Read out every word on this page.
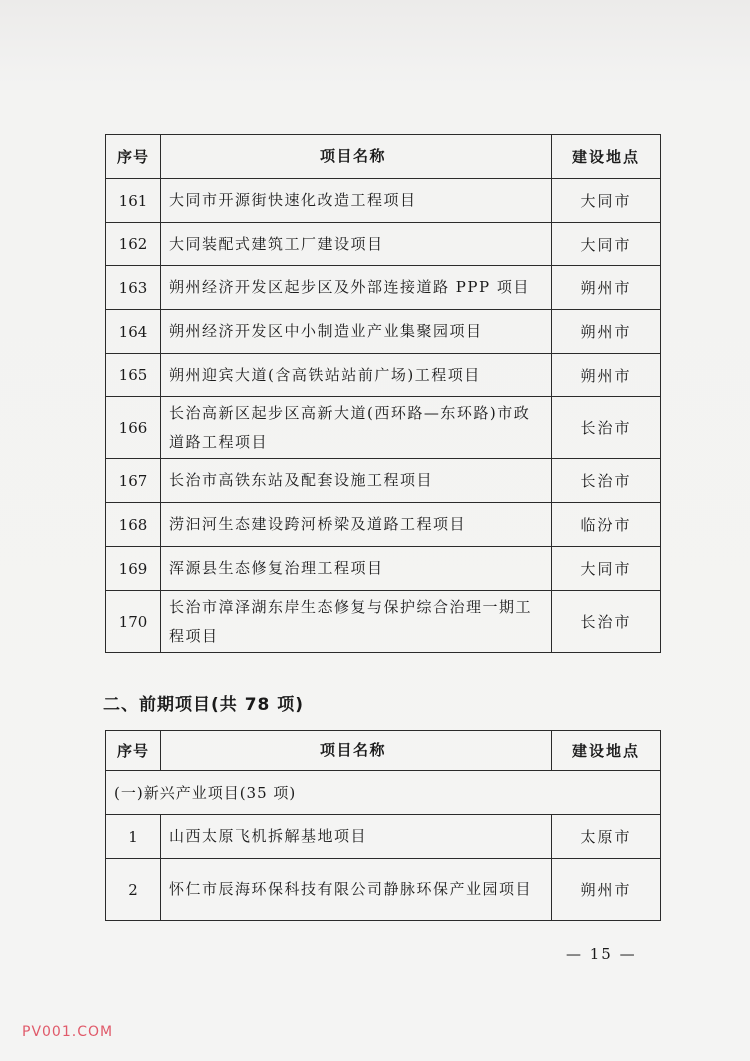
序号	项目名称	建设地点
161	大同市开源街快速化改造工程项目	大同市
162	大同装配式建筑工厂建设项目	大同市
163	朔州经济开发区起步区及外部连接道路 PPP 项目	朔州市
164	朔州经济开发区中小制造业产业集聚园项目	朔州市
165	朔州迎宾大道(含高铁站站前广场)工程项目	朔州市
166	长治高新区起步区高新大道(西环路—东环路)市政道路工程项目	长治市
167	长治市高铁东站及配套设施工程项目	长治市
168	涝汩河生态建设跨河桥梁及道路工程项目	临汾市
169	浑源县生态修复治理工程项目	大同市
170	长治市漳泽湖东岸生态修复与保护综合治理一期工程项目	长治市
二、前期项目(共 78 项)
序号	项目名称	建设地点
(一)新兴产业项目(35 项)		
1	山西太原飞机拆解基地项目	太原市
2	怀仁市辰海环保科技有限公司静脉环保产业园项目	朔州市
— 15 —
PV001.COM
